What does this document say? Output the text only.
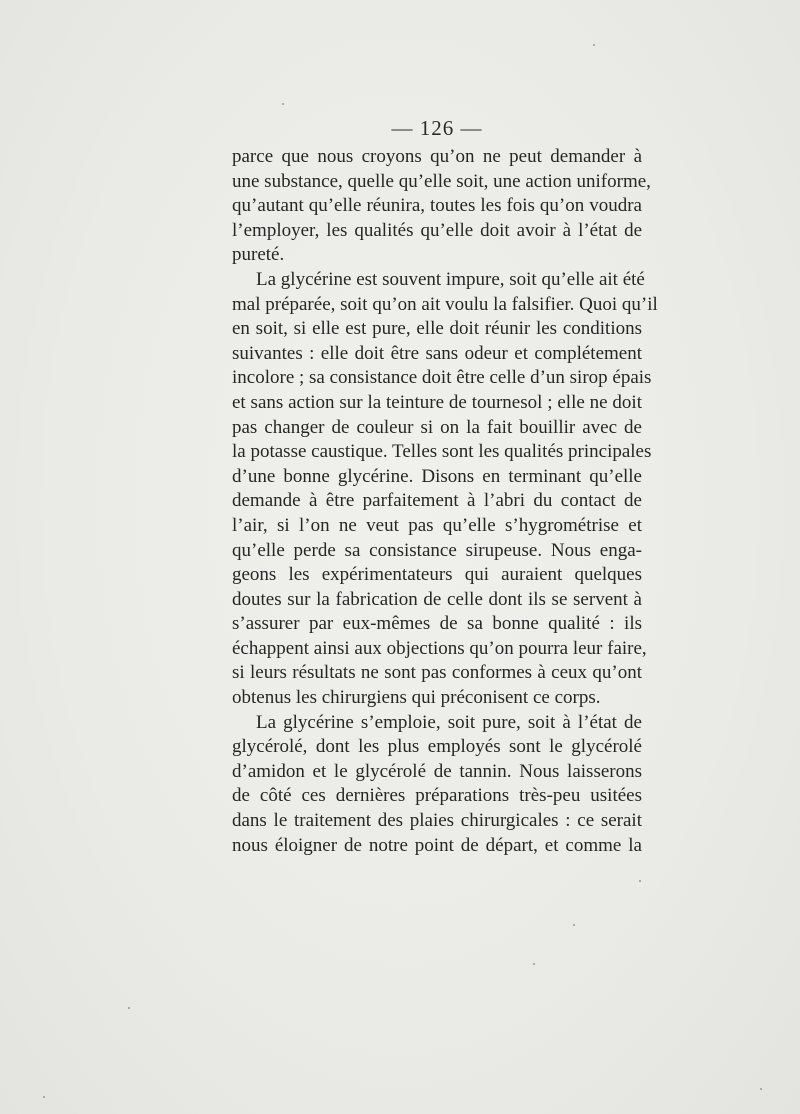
— 126 —

parce que nous croyons qu’on ne peut demander à
une substance, quelle qu’elle soit, une action uniforme,
qu’autant qu’elle réunira, toutes les fois qu’on voudra
l’employer, les qualités qu’elle doit avoir à l’état de
pureté.

La glycérine est souvent impure, soit qu’elle ait été
mal préparée, soit qu’on ait voulu la falsifier. Quoi qu’il
en soit, si elle est pure, elle doit réunir les conditions
suivantes : elle doit être sans odeur et complétement
incolore ; sa consistance doit être celle d’un sirop épais
et sans action sur la teinture de tournesol ; elle ne doit
pas changer de couleur si on la fait bouillir avec de
la potasse caustique. Telles sont les qualités principales
d’une bonne glycérine. Disons en terminant qu’elle
demande à être parfaitement à l’abri du contact de
l’air, si l’on ne veut pas qu’elle s’hygrométrise et
qu’elle perde sa consistance sirupeuse. Nous enga-
geons les expérimentateurs qui auraient quelques
doutes sur la fabrication de celle dont ils se servent à
s’assurer par eux-mêmes de sa bonne qualité : ils
échappent ainsi aux objections qu’on pourra leur faire,
si leurs résultats ne sont pas conformes à ceux qu’ont
obtenus les chirurgiens qui préconisent ce corps.

La glycérine s’emploie, soit pure, soit à l’état de
glycérolé, dont les plus employés sont le glycérolé
d’amidon et le glycérolé de tannin. Nous laisserons
de côté ces dernières préparations très-peu usitées
dans le traitement des plaies chirurgicales : ce serait
nous éloigner de notre point de départ, et comme la
